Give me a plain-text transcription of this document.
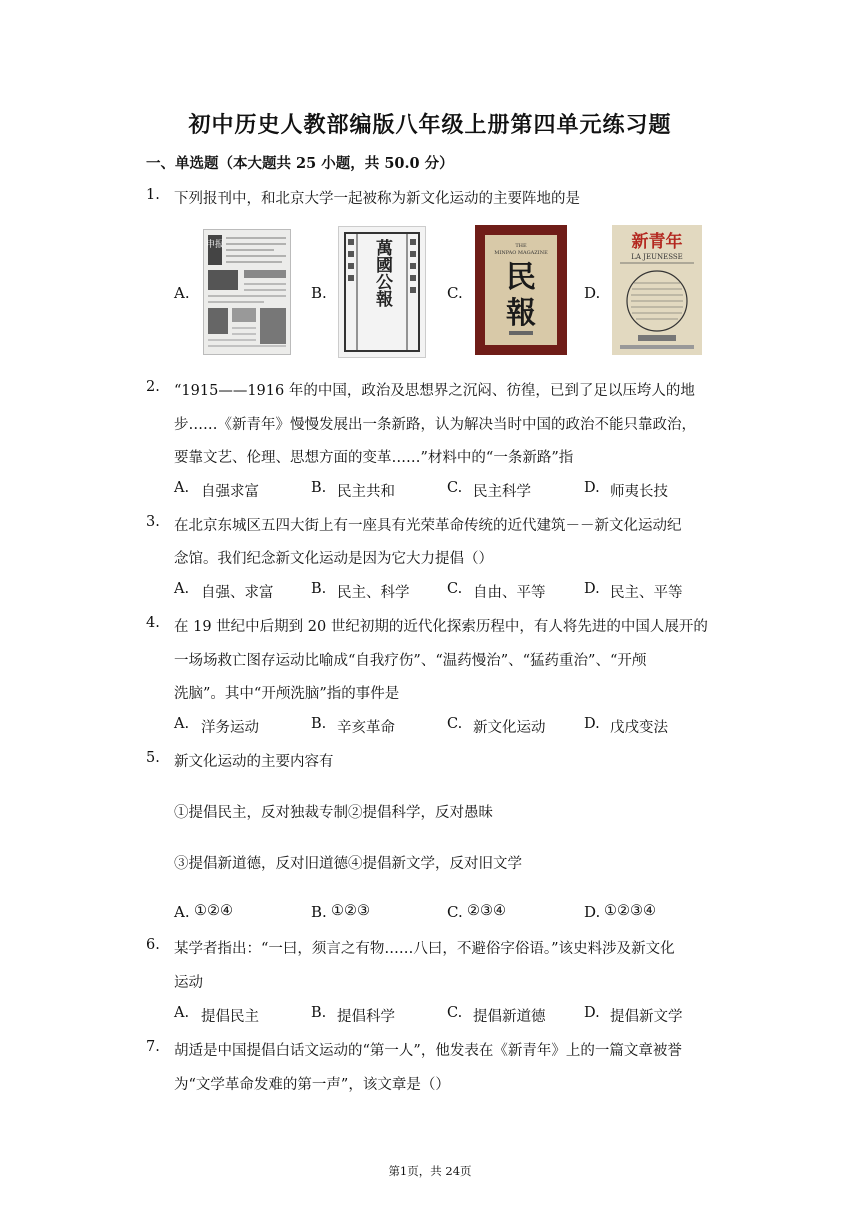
初中历史人教部编版八年级上册第四单元练习题
一、单选题（本大题共 25 小题，共 50.0 分）
1. 下列报刊中，和北京大学一起被称为新文化运动的主要阵地的是
A.
申报
B.	萬國公報	C.
THE
MINPAO MAGAZINE
民
報
D.
新青年
LA JEUNESSE
2. “1915——1916 年的中国，政治及思想界之沉闷、彷徨，已到了足以压垮人的地
步……《新青年》慢慢发展出一条新路，认为解决当时中国的政治不能只靠政治，
要靠文艺、伦理、思想方面的变革……”材料中的“一条新路”指
A. 自强求富	B. 民主共和	C. 民主科学	D. 师夷长技
3. 在北京东城区五四大街上有一座具有光荣革命传统的近代建筑－－新文化运动纪
念馆。我们纪念新文化运动是因为它大力提倡（）
A. 自强、求富	B. 民主、科学	C. 自由、平等	D. 民主、平等
4. 在 19 世纪中后期到 20 世纪初期的近代化探索历程中，有人将先进的中国人展开的
一场场救亡图存运动比喻成“自我疗伤”、“温药慢治”、“猛药重治”、“开颅
洗脑”。其中“开颅洗脑”指的事件是
A. 洋务运动	B. 辛亥革命	C. 新文化运动	D. 戊戌变法
5. 新文化运动的主要内容有
①提倡民主，反对独裁专制②提倡科学，反对愚昧
③提倡新道德，反对旧道德④提倡新文学，反对旧文学
A. ①②④	B. ①②③	C. ②③④	D. ①②③④
6. 某学者指出：“一曰，须言之有物……八曰，不避俗字俗语。”该史料涉及新文化
运动
A. 提倡民主	B. 提倡科学	C. 提倡新道德	D. 提倡新文学
7. 胡适是中国提倡白话文运动的“第一人”，他发表在《新青年》上的一篇文章被誉
为“文学革命发难的第一声”，该文章是（）
第1页，共 24页
